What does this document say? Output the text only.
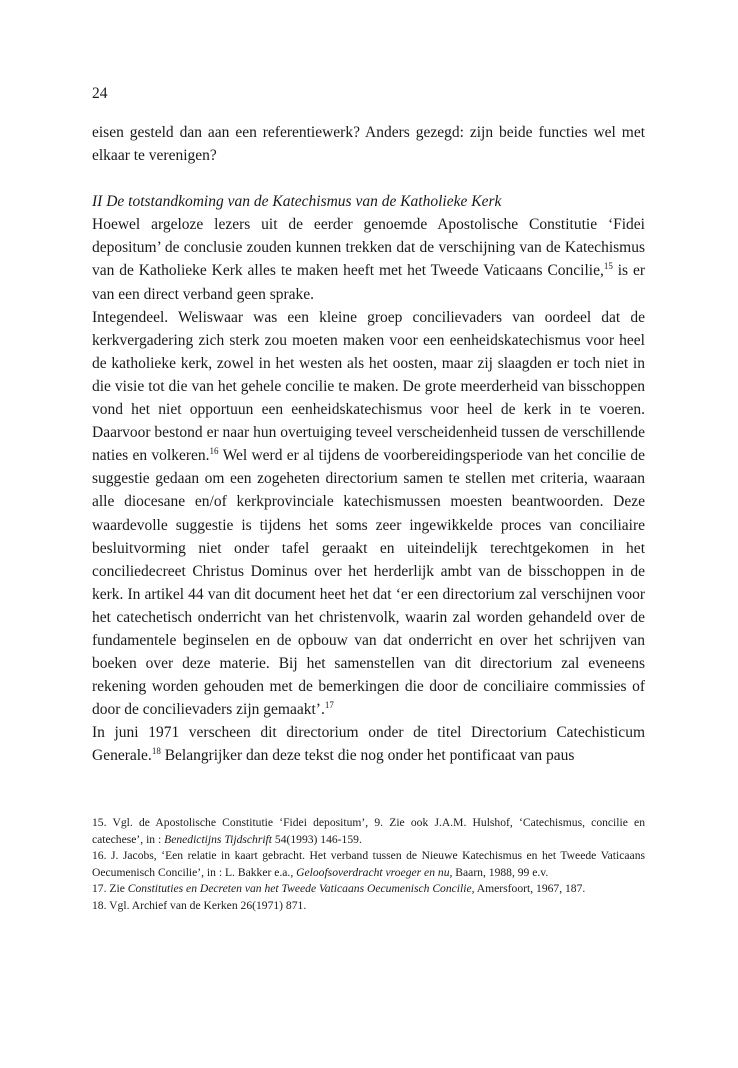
24

eisen gesteld dan aan een referentiewerk? Anders gezegd: zijn beide functies wel met elkaar te verenigen?

II De totstandkoming van de Katechismus van de Katholieke Kerk

Hoewel argeloze lezers uit de eerder genoemde Apostolische Constitutie ‘Fidei depositum’ de conclusie zouden kunnen trekken dat de verschijning van de Katechismus van de Katholieke Kerk alles te maken heeft met het Tweede Vaticaans Concilie,$^{15}$ is er van een direct verband geen sprake.

Integendeel. Weliswaar was een kleine groep concilievaders van oordeel dat de kerkvergadering zich sterk zou moeten maken voor een eenheidskatechismus voor heel de katholieke kerk, zowel in het westen als het oosten, maar zij slaagden er toch niet in die visie tot die van het gehele concilie te maken. De grote meerderheid van bisschoppen vond het niet opportuun een eenheidskatechismus voor heel de kerk in te voeren. Daarvoor bestond er naar hun overtuiging teveel verscheidenheid tussen de verschillende naties en volkeren.$^{16}$ Wel werd er al tijdens de voorbereidingsperiode van het concilie de suggestie gedaan om een zogeheten directorium samen te stellen met criteria, waaraan alle diocesane en/of kerkprovinciale katechismussen moesten beantwoorden. Deze waardevolle suggestie is tijdens het soms zeer ingewikkelde proces van conciliaire besluitvorming niet onder tafel geraakt en uiteindelijk terechtgekomen in het conciliedecreet Christus Dominus over het herderlijk ambt van de bisschoppen in de kerk. In artikel 44 van dit document heet het dat ‘er een directorium zal verschijnen voor het catechetisch onderricht van het christenvolk, waarin zal worden gehandeld over de fundamentele beginselen en de opbouw van dat onderricht en over het schrijven van boeken over deze materie. Bij het samenstellen van dit directorium zal eveneens rekening worden gehouden met de bemerkingen die door de conciliaire commissies of door de concilievaders zijn gemaakt’.$^{17}$

In juni 1971 verscheen dit directorium onder de titel Directorium Catechisticum Generale.$^{18}$ Belangrijker dan deze tekst die nog onder het pontificaat van paus

15. Vgl. de Apostolische Constitutie ‘Fidei depositum’, 9. Zie ook J.A.M. Hulshof, ‘Catechismus, concilie en catechese’, in : Benedictijns Tijdschrift 54(1993) 146-159.

16. J. Jacobs, ‘Een relatie in kaart gebracht. Het verband tussen de Nieuwe Katechismus en het Tweede Vaticaans Oecumenisch Concilie’, in : L. Bakker e.a., Geloofsoverdracht vroeger en nu, Baarn, 1988, 99 e.v.

17. Zie Constituties en Decreten van het Tweede Vaticaans Oecumenisch Concilie, Amersfoort, 1967, 187.

18. Vgl. Archief van de Kerken 26(1971) 871.
